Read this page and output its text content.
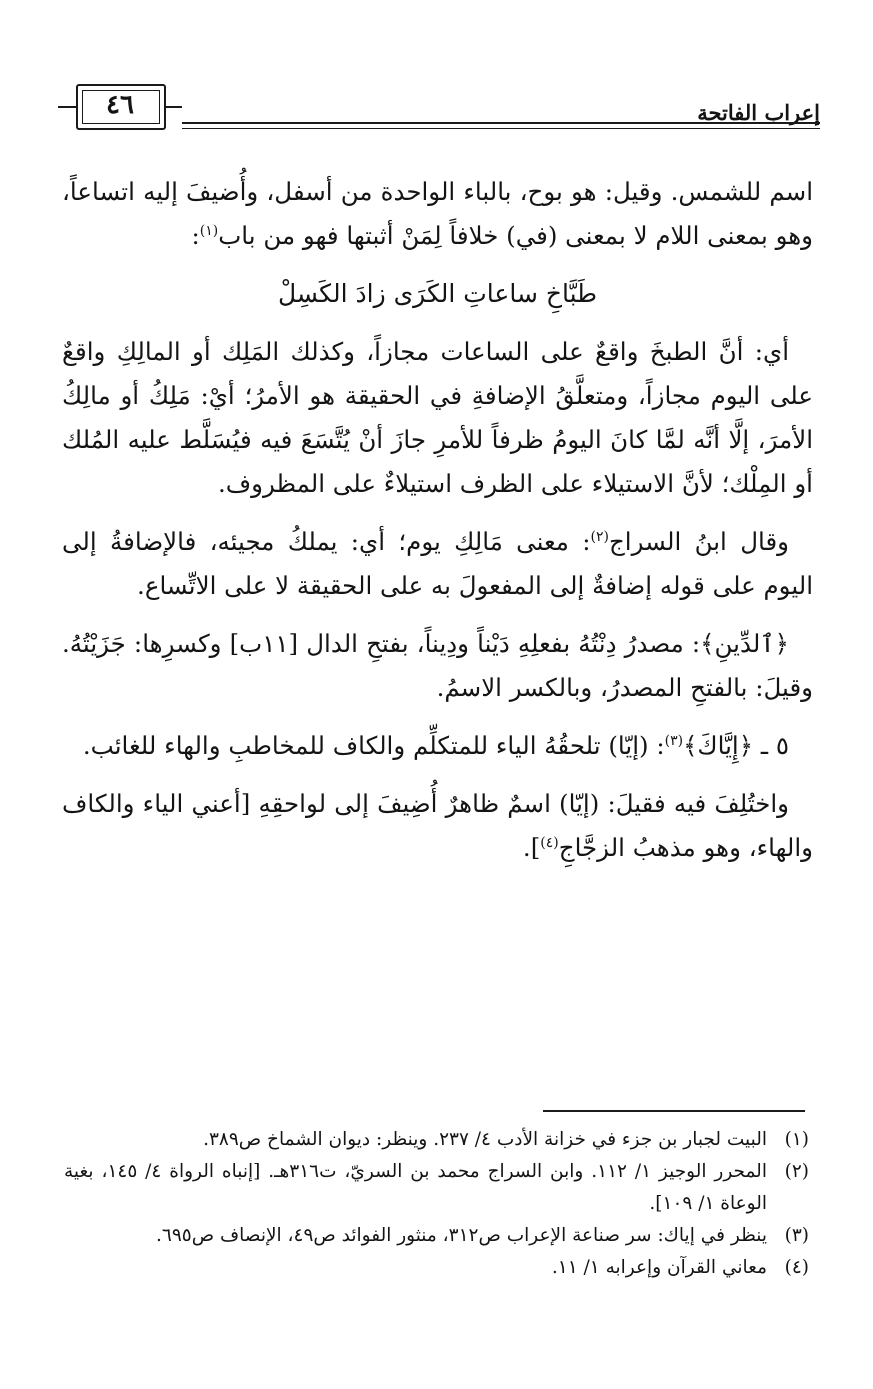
إعراب الفاتحة
٤٦

اسم للشمس. وقيل: هو بوح، بالباء الواحدة من أسفل، وأُضيفَ إليه اتساعاً، وهو بمعنى اللام لا بمعنى (في) خلافاً لِمَنْ أثبتها فهو من باب$^{(١)}$:

طَبَّاخِ ساعاتِ الكَرَى زادَ الكَسِلْ

أي: أنَّ الطبخَ واقعٌ على الساعات مجازاً، وكذلك المَلِك أو المالِكِ واقعٌ على اليوم مجازاً، ومتعلَّقُ الإضافةِ في الحقيقة هو الأمرُ؛ أيْ: مَلِكُ أو مالِكُ الأمرَ، إلَّا أنَّه لمَّا كانَ اليومُ ظرفاً للأمرِ جازَ أنْ يُتَّسَعَ فيه فيُسَلَّط عليه المُلك أو المِلْك؛ لأنَّ الاستيلاء على الظرف استيلاءٌ على المظروف.

وقال ابنُ السراج$^{(٢)}$: معنى مَالِكِ يوم؛ أي: يملكُ مجيئه، فالإضافةُ إلى اليوم على قوله إضافةٌ إلى المفعولَ به على الحقيقة لا على الاتِّساع.

﴿ٱلدِّينِ﴾: مصدرُ دِنْتُهُ بفعلِهِ دَيْناً ودِيناً، بفتحِ الدال [١١ب] وكسرِها: جَزَيْتُهُ. وقيلَ: بالفتحِ المصدرُ، وبالكسر الاسمُ.

٥ ـ ﴿إِيَّاكَ﴾$^{(٣)}$: (إيّا) تلحقُهُ الياء للمتكلِّم والكاف للمخاطبِ والهاء للغائب.

واختُلِفَ فيه فقيلَ: (إيّا) اسمٌ ظاهرٌ أُضِيفَ إلى لواحقِهِ [أعني الياء والكاف والهاء، وهو مذهبُ الزجَّاجِ$^{(٤)}$].

(١)
البيت لجبار بن جزء في خزانة الأدب ٤/ ٢٣٧. وينظر: ديوان الشماخ ص٣٨٩.
(٢)
المحرر الوجيز ١/ ١١٢. وابن السراج محمد بن السريّ، ت٣١٦هـ. [إنباه الرواة ٤/ ١٤٥، بغية الوعاة ١/ ١٠٩].
(٣)
ينظر في إياك: سر صناعة الإعراب ص٣١٢، منثور الفوائد ص٤٩، الإنصاف ص٦٩٥.
(٤)
معاني القرآن وإعرابه ١/ ١١.
